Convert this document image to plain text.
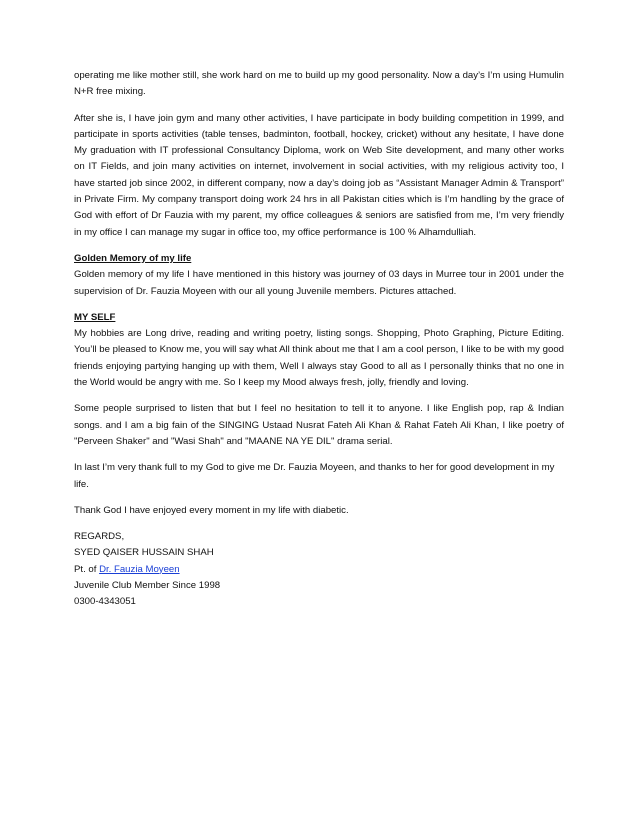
operating me like mother still, she work hard on me to build up my good personality. Now a day’s I’m using Humulin N+R free mixing.

After she is, I have join gym and many other activities, I have participate in body building competition in 1999, and participate in sports activities (table tenses, badminton, football, hockey, cricket) without any hesitate, I have done My graduation with IT professional Consultancy Diploma, work on Web Site development, and many other works on IT Fields, and join many activities on internet, involvement in social activities, with my religious activity too, I have started job since 2002, in different company, now a day’s doing job as “Assistant Manager Admin & Transport” in Private Firm. My company transport doing work 24 hrs in all Pakistan cities which is I’m handling by the grace of God with effort of Dr Fauzia with my parent, my office colleagues & seniors are satisfied from me, I’m very friendly in my office I can manage my sugar in office too, my office performance is 100 % Alhamdulliah.

Golden Memory of my life

Golden memory of my life I have mentioned in this history was journey of 03 days in Murree tour in 2001 under the supervision of Dr. Fauzia Moyeen with our all young Juvenile members. Pictures attached.

MY SELF

My hobbies are Long drive, reading and writing poetry, listing songs. Shopping, Photo Graphing, Picture Editing. You’ll be pleased to Know me, you will say what All think about me that I am a cool person, I like to be with my good friends enjoying partying hanging up with them, Well I always stay Good to all as I personally thinks that no one in the World would be angry with me. So I keep my Mood always fresh, jolly, friendly and loving.

Some people surprised to listen that but I feel no hesitation to tell it to anyone. I like English pop, rap & Indian songs. and I am a big fain of the SINGING Ustaad Nusrat Fateh Ali Khan & Rahat Fateh Ali Khan, I like poetry of "Perveen Shaker" and "Wasi Shah" and "MAANE NA YE DIL" drama serial.

In last I’m very thank full to my God to give me Dr. Fauzia Moyeen, and thanks to her for good development in my life.

Thank God I have enjoyed every moment in my life with diabetic.

REGARDS,

SYED QAISER HUSSAIN SHAH

Pt. of Dr. Fauzia Moyeen

Juvenile Club Member Since 1998

0300-4343051
